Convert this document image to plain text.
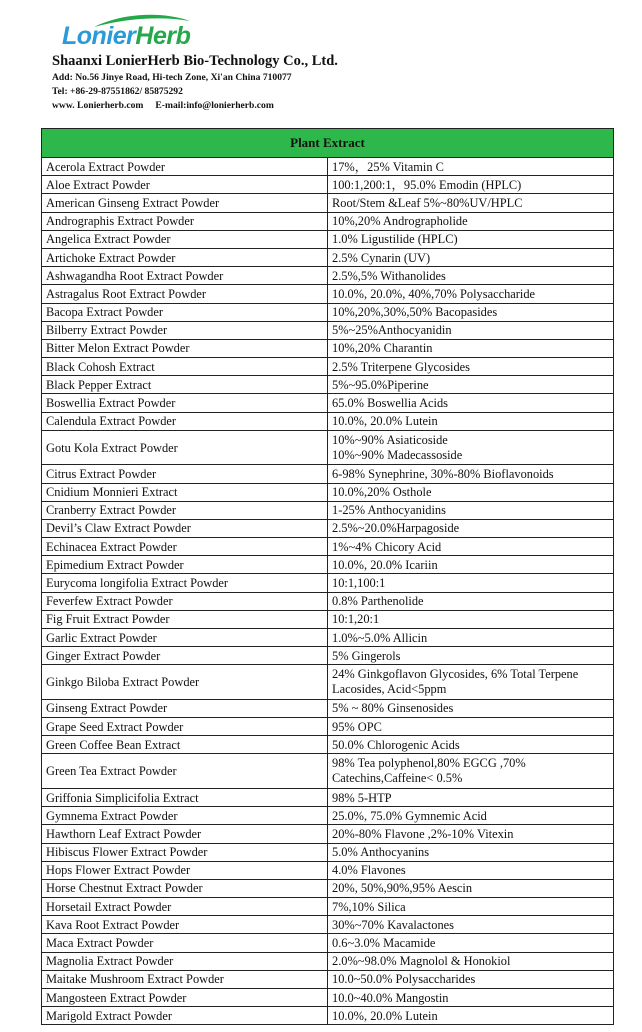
LonierHerb
Shaanxi LonierHerb Bio-Technology Co., Ltd.
Add: No.56 Jinye Road, Hi-tech Zone, Xi'an China 710077
Tel: +86-29-87551862/ 85875292
www. Lonierherb.com E-mail:info@lonierherb.com
Plant Extract	
Acerola Extract Powder	17%，25% Vitamin C
Aloe Extract Powder	100:1,200:1，95.0% Emodin (HPLC)
American Ginseng Extract Powder	Root/Stem &Leaf 5%~80%UV/HPLC
Andrographis Extract Powder	10%,20% Andrographolide
Angelica Extract Powder	1.0% Ligustilide (HPLC)
Artichoke Extract Powder	2.5% Cynarin (UV)
Ashwagandha Root Extract Powder	2.5%,5% Withanolides
Astragalus Root Extract Powder	10.0%, 20.0%, 40%,70% Polysaccharide
Bacopa Extract Powder	10%,20%,30%,50% Bacopasides
Bilberry Extract Powder	5%~25%Anthocyanidin
Bitter Melon Extract Powder	10%,20% Charantin
Black Cohosh Extract	2.5% Triterpene Glycosides
Black Pepper Extract	5%~95.0%Piperine
Boswellia Extract Powder	65.0% Boswellia Acids
Calendula Extract Powder	10.0%, 20.0% Lutein
Gotu Kola Extract Powder	10%~90% Asiaticoside
10%~90% Madecassoside

Citrus Extract Powder	6-98% Synephrine, 30%-80% Bioflavonoids
Cnidium Monnieri Extract	10.0%,20% Osthole
Cranberry Extract Powder	1-25% Anthocyanidins
Devil’s Claw Extract Powder	2.5%~20.0%Harpagoside
Echinacea Extract Powder	1%~4% Chicory Acid
Epimedium Extract Powder	10.0%, 20.0% Icariin
Eurycoma longifolia Extract Powder	10:1,100:1
Feverfew Extract Powder	0.8% Parthenolide
Fig Fruit Extract Powder	10:1,20:1
Garlic Extract Powder	1.0%~5.0% Allicin
Ginger Extract Powder	5% Gingerols
Ginkgo Biloba Extract Powder	24% Ginkgoflavon Glycosides, 6% Total Terpene
Lacosides, Acid<5ppm

Ginseng Extract Powder	5% ~ 80% Ginsenosides
Grape Seed Extract Powder	95% OPC
Green Coffee Bean Extract	50.0% Chlorogenic Acids
Green Tea Extract Powder	98% Tea polyphenol,80% EGCG ,70%
Catechins,Caffeine< 0.5%

Griffonia Simplicifolia Extract	98% 5-HTP
Gymnema Extract Powder	25.0%, 75.0% Gymnemic Acid
Hawthorn Leaf Extract Powder	20%-80% Flavone ,2%-10% Vitexin
Hibiscus Flower Extract Powder	5.0% Anthocyanins
Hops Flower Extract Powder	4.0% Flavones
Horse Chestnut Extract Powder	20%, 50%,90%,95% Aescin
Horsetail Extract Powder	7%,10% Silica
Kava Root Extract Powder	30%~70% Kavalactones
Maca Extract Powder	0.6~3.0% Macamide
Magnolia Extract Powder	2.0%~98.0% Magnolol & Honokiol
Maitake Mushroom Extract Powder	10.0~50.0% Polysaccharides
Mangosteen Extract Powder	10.0~40.0% Mangostin
Marigold Extract Powder	10.0%, 20.0% Lutein
